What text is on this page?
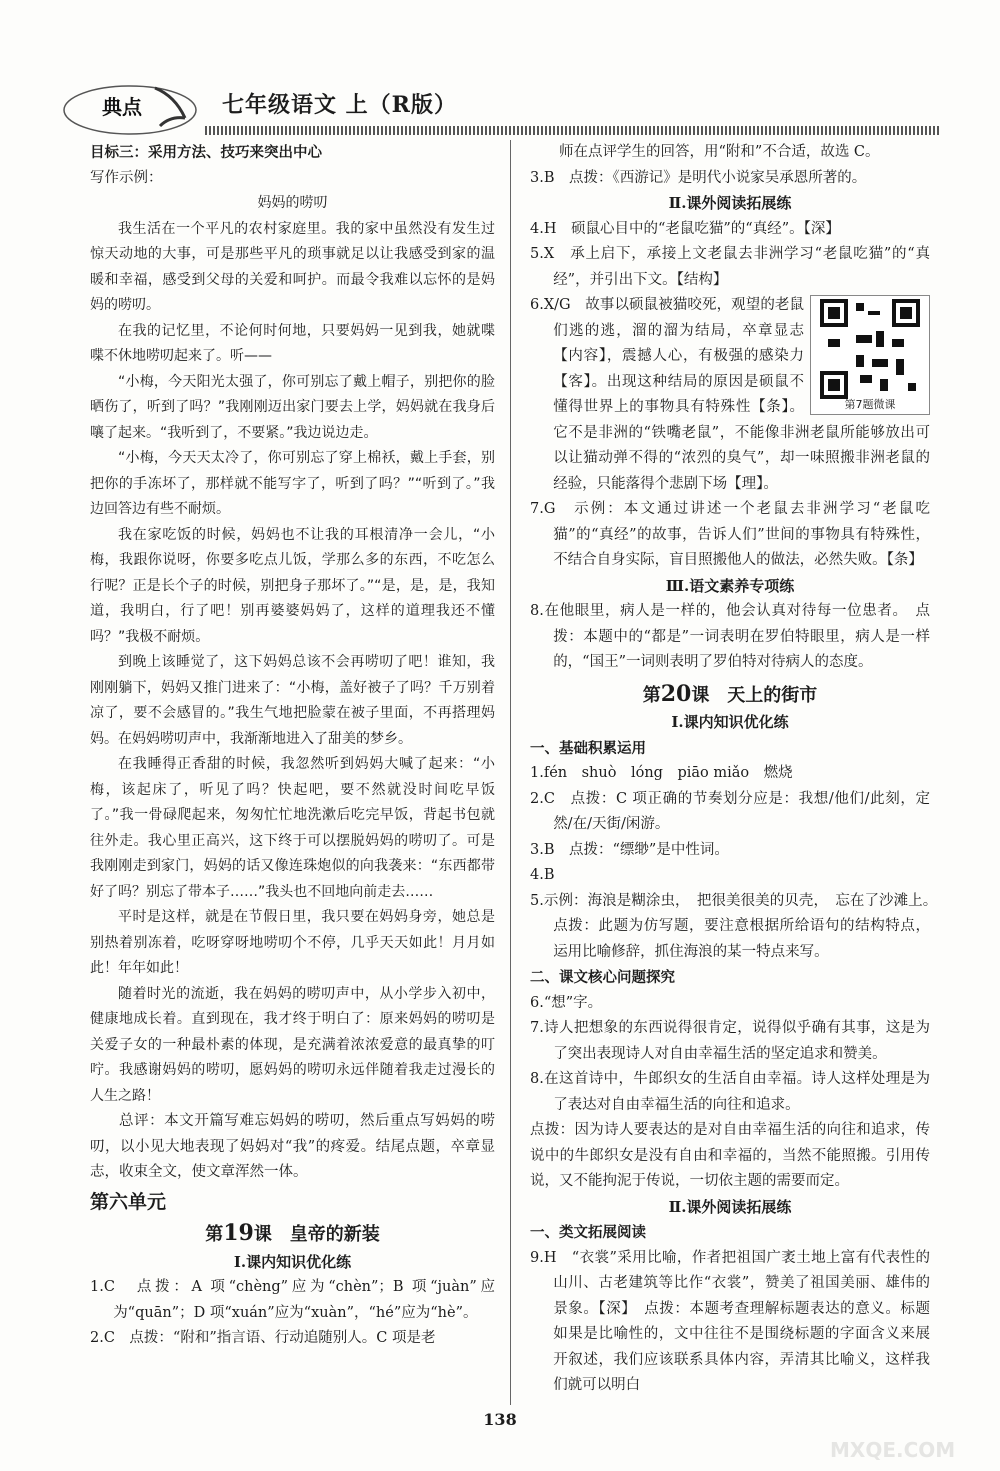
典点	七年级语文 上（R版）

目标三：采用方法、技巧来突出中心

写作示例：

妈妈的唠叨

我生活在一个平凡的农村家庭里。我的家中虽然没有发生过惊天动地的大事，可是那些平凡的琐事就足以让我感受到家的温暖和幸福，感受到父母的关爱和呵护。而最令我难以忘怀的是妈妈的唠叨。

在我的记忆里，不论何时何地，只要妈妈一见到我，她就喋喋不休地唠叨起来了。听——

“小梅，今天阳光太强了，你可别忘了戴上帽子，别把你的脸晒伤了，听到了吗？”我刚刚迈出家门要去上学，妈妈就在我身后嚷了起来。“我听到了，不要紧。”我边说边走。

“小梅，今天天太冷了，你可别忘了穿上棉袄，戴上手套，别把你的手冻坏了，那样就不能写字了，听到了吗？”“听到了。”我边回答边有些不耐烦。

我在家吃饭的时候，妈妈也不让我的耳根清净一会儿，“小梅，我跟你说呀，你要多吃点儿饭，学那么多的东西，不吃怎么行呢？正是长个子的时候，别把身子那坏了。”“是，是，是，我知道，我明白，行了吧！别再婆婆妈妈了，这样的道理我还不懂吗？”我极不耐烦。

到晚上该睡觉了，这下妈妈总该不会再唠叨了吧！谁知，我刚刚躺下，妈妈又推门进来了：“小梅，盖好被子了吗？千万别着凉了，要不会感冒的。”我生气地把脸蒙在被子里面，不再搭理妈妈。在妈妈唠叨声中，我渐渐地进入了甜美的梦乡。

在我睡得正香甜的时候，我忽然听到妈妈大喊了起来：“小梅，该起床了，听见了吗？快起吧，要不然就没时间吃早饭了。”我一骨碌爬起来，匆匆忙忙地洗漱后吃完早饭，背起书包就往外走。我心里正高兴，这下终于可以摆脱妈妈的唠叨了。可是我刚刚走到家门，妈妈的话又像连珠炮似的向我袭来：“东西都带好了吗？别忘了带本子……”我头也不回地向前走去……

平时是这样，就是在节假日里，我只要在妈妈身旁，她总是别热着别冻着，吃呀穿呀地唠叨个不停，几乎天天如此！月月如此！年年如此！

随着时光的流逝，我在妈妈的唠叨声中，从小学步入初中，健康地成长着。直到现在，我才终于明白了：原来妈妈的唠叨是关爱子女的一种最朴素的体现，是充满着浓浓爱意的最真挚的叮咛。我感谢妈妈的唠叨，愿妈妈的唠叨永远伴随着我走过漫长的人生之路！

总评：本文开篇写难忘妈妈的唠叨，然后重点写妈妈的唠叨，以小见大地表现了妈妈对“我”的疼爱。结尾点题，卒章显志，收束全文，使文章浑然一体。

第六单元

第19课　皇帝的新装

Ⅰ.课内知识优化练

1.C　点拨：A 项“chèng”应为“chèn”；B 项“juàn”应为“quān”；D 项“xuán”应为“xuàn”，“hé”应为“hè”。

2.C　点拨：“附和”指言语、行动追随别人。C 项是老

师在点评学生的回答，用“附和”不合适，故选 C。

3.B　点拨：《西游记》是明代小说家吴承恩所著的。

Ⅱ.课外阅读拓展练

4.H　硕鼠心目中的“老鼠吃猫”的“真经”。【深】

5.X　承上启下，承接上文老鼠去非洲学习“老鼠吃猫”的“真经”，并引出下文。【结构】

第7题微课

6.X/G　故事以硕鼠被猫咬死，观望的老鼠们逃的逃，溜的溜为结局，卒章显志【内容】，震撼人心，有极强的感染力【客】。出现这种结局的原因是硕鼠不懂得世界上的事物具有特殊性【条】。它不是非洲的“铁嘴老鼠”，不能像非洲老鼠所能够放出可以让猫动弹不得的“浓烈的臭气”，却一味照搬非洲老鼠的经验，只能落得个悲剧下场【理】。

7.G　示例：本文通过讲述一个老鼠去非洲学习“老鼠吃猫”的“真经”的故事，告诉人们”世间的事物具有特殊性，不结合自身实际，盲目照搬他人的做法，必然失败。【条】

Ⅲ.语文素养专项练

8.在他眼里，病人是一样的，他会认真对待每一位患者。　点拨：本题中的“都是”一词表明在罗伯特眼里，病人是一样的，“国王”一词则表明了罗伯特对待病人的态度。

第20课　天上的街市

Ⅰ.课内知识优化练

一、基础积累运用

1.fén　shuò　lóng　piāo miǎo　燃烧

2.C　点拨：C 项正确的节奏划分应是：我想/他们/此刻，定然/在/天街/闲游。

3.B　点拨：“缥缈”是中性词。

4.B

5.示例：海浪是糊涂虫，　把很美很美的贝壳，　忘在了沙滩上。　点拨：此题为仿写题，要注意根据所给语句的结构特点，运用比喻修辞，抓住海浪的某一特点来写。

二、课文核心问题探究

6.“想”字。

7.诗人把想象的东西说得很肯定，说得似乎确有其事，这是为了突出表现诗人对自由幸福生活的坚定追求和赞美。

8.在这首诗中，牛郎织女的生活自由幸福。诗人这样处理是为了表达对自由幸福生活的向往和追求。

点拨：因为诗人要表达的是对自由幸福生活的向往和追求，传说中的牛郎织女是没有自由和幸福的，当然不能照搬。引用传说，又不能拘泥于传说，一切依主题的需要而定。

Ⅱ.课外阅读拓展练

一、类文拓展阅读

9.H　“衣裳”采用比喻，作者把祖国广袤土地上富有代表性的山川、古老建筑等比作“衣裳”，赞美了祖国美丽、雄伟的景象。【深】　点拨：本题考查理解标题表达的意义。标题如果是比喻性的，文中往往不是围绕标题的字面含义来展开叙述，我们应该联系具体内容，弄清其比喻义，这样我们就可以明白

138
MXQE.COM
